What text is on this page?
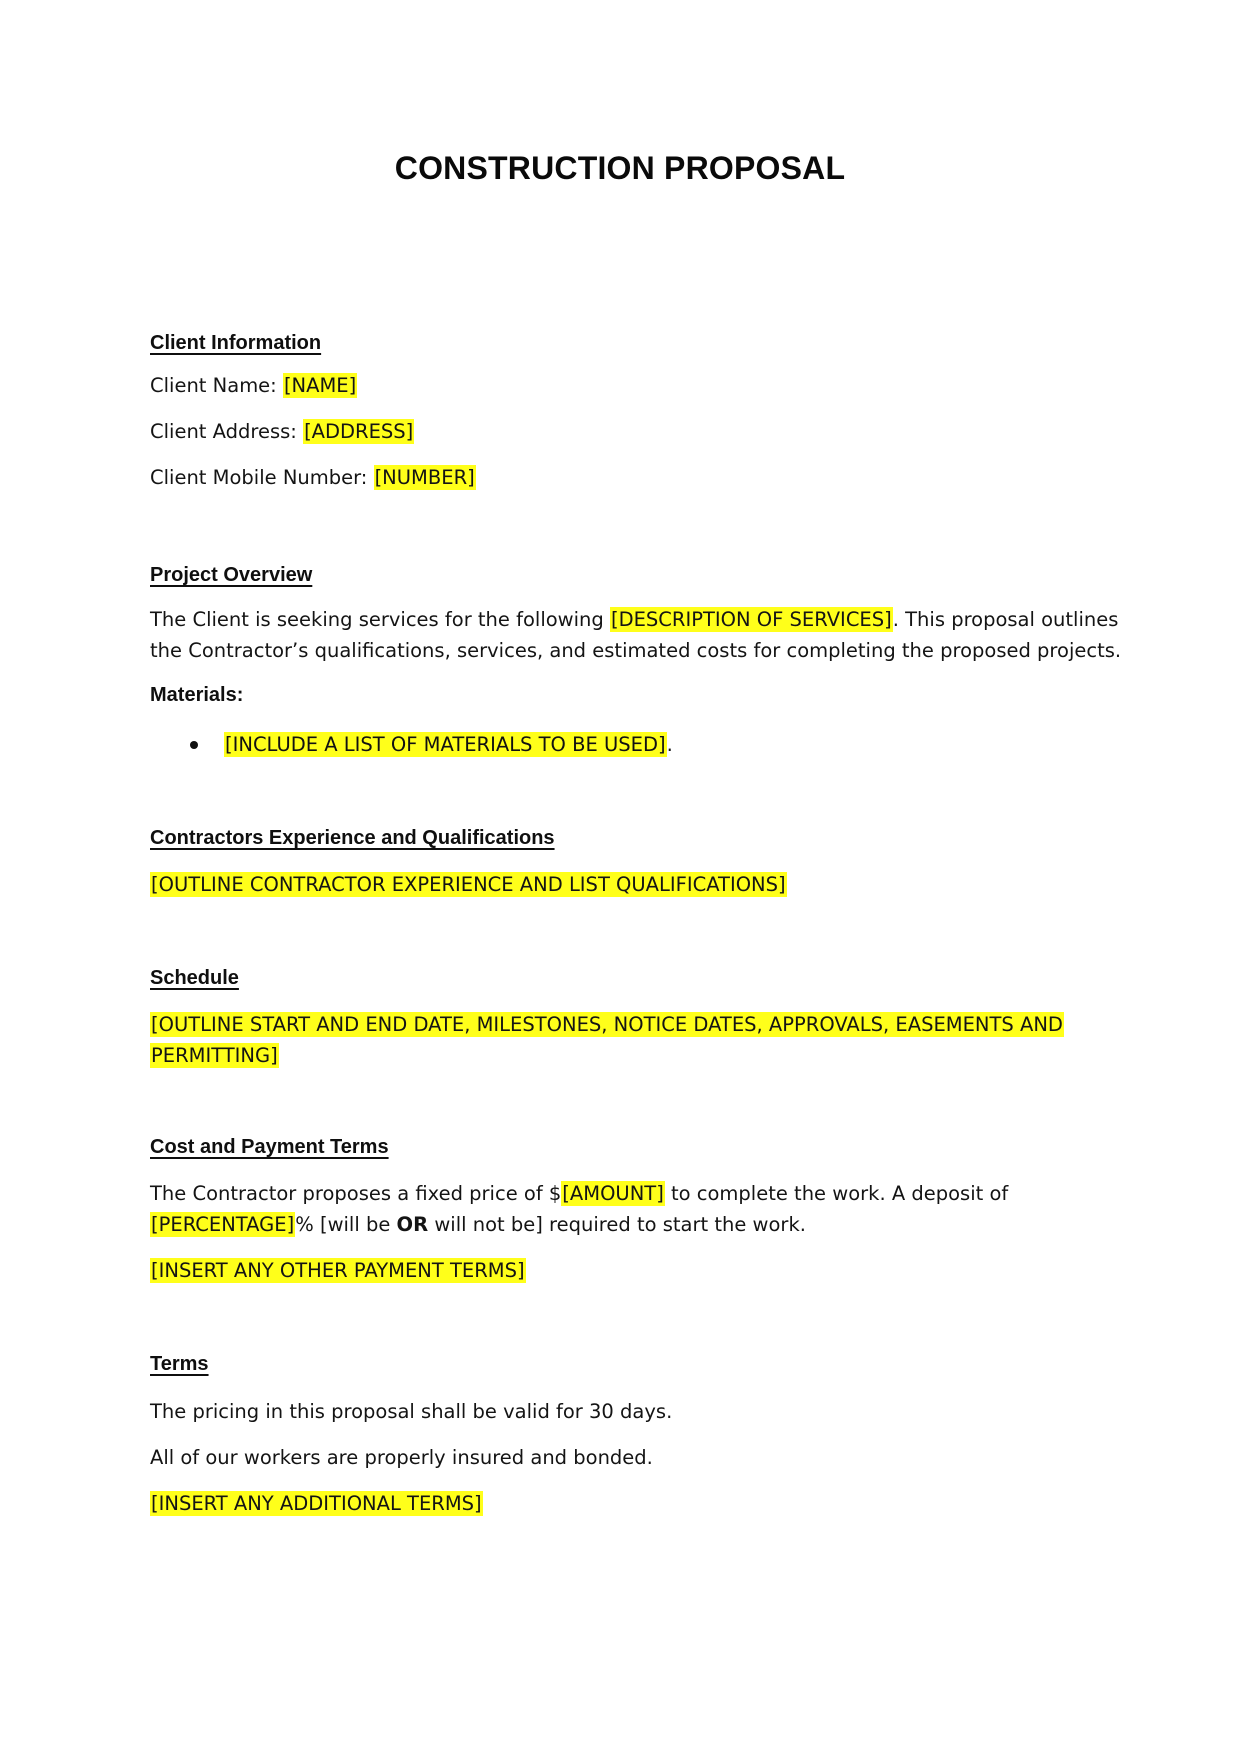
CONSTRUCTION PROPOSAL
Client Information
Client Name: [NAME]
Client Address: [ADDRESS]
Client Mobile Number: [NUMBER]
Project Overview
The Client is seeking services for the following [DESCRIPTION OF SERVICES]. This proposal outlines
the Contractor’s qualifications, services, and estimated costs for completing the proposed projects.
Materials:
[INCLUDE A LIST OF MATERIALS TO BE USED].
Contractors Experience and Qualifications
[OUTLINE CONTRACTOR EXPERIENCE AND LIST QUALIFICATIONS]
Schedule
[OUTLINE START AND END DATE, MILESTONES, NOTICE DATES, APPROVALS, EASEMENTS AND
PERMITTING]
Cost and Payment Terms
The Contractor proposes a fixed price of $[AMOUNT] to complete the work. A deposit of
[PERCENTAGE]% [will be OR will not be] required to start the work.
[INSERT ANY OTHER PAYMENT TERMS]
Terms
The pricing in this proposal shall be valid for 30 days.
All of our workers are properly insured and bonded.
[INSERT ANY ADDITIONAL TERMS]
